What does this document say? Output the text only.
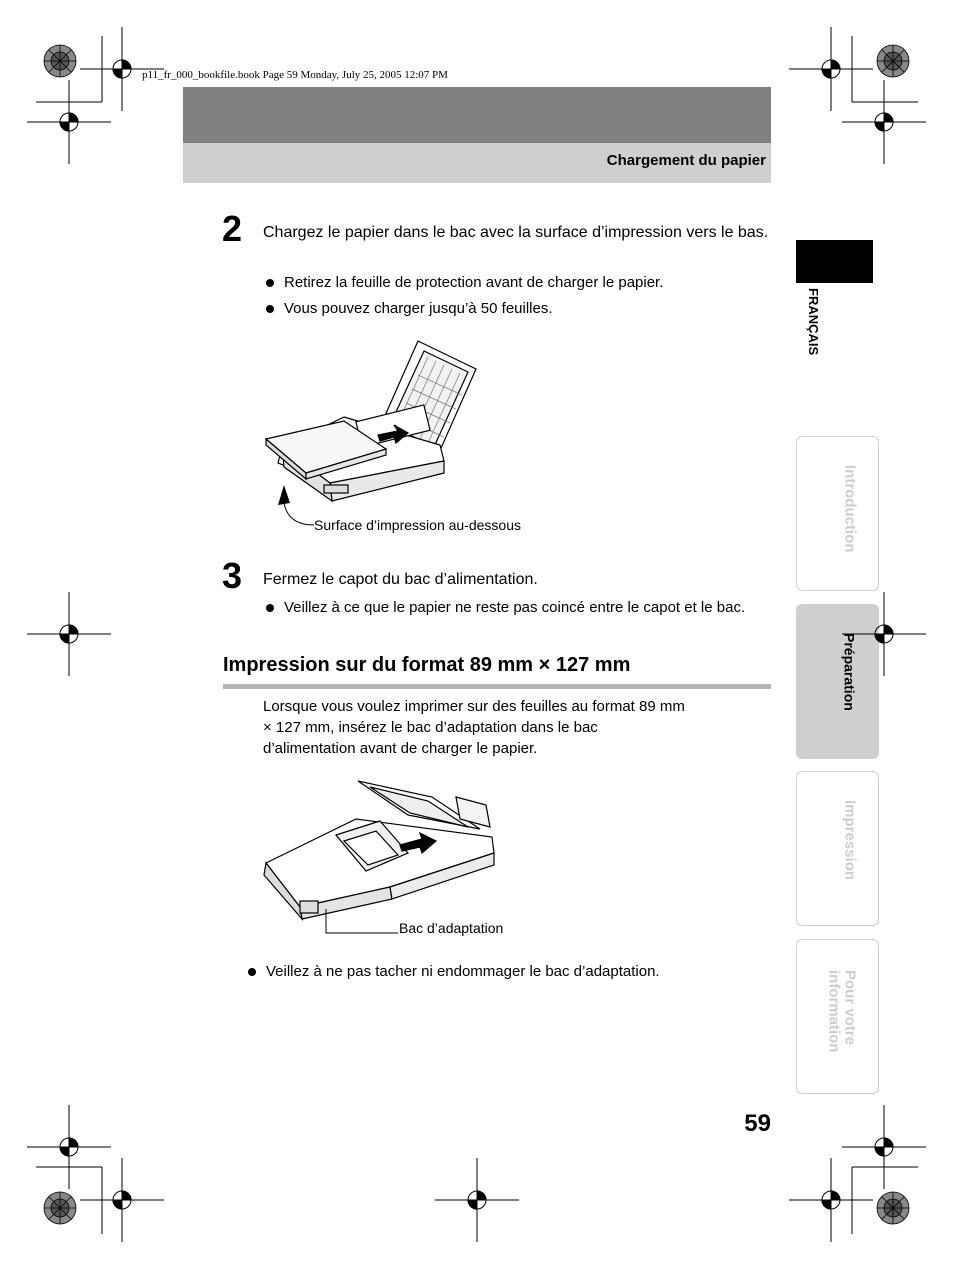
p11_fr_000_bookfile.book Page 59 Monday, July 25, 2005 12:07 PM
Chargement du papier
2 Chargez le papier dans le bac avec la surface d’impression vers le bas.
Retirez la feuille de protection avant de charger le papier.
Vous pouvez charger jusqu’à 50 feuilles.
Surface d’impression au-dessous
3 Fermez le capot du bac d’alimentation.
Veillez à ce que le papier ne reste pas coincé entre le capot et le bac.
Impression sur du format 89 mm × 127 mm
Lorsque vous voulez imprimer sur des feuilles au format 89 mm × 127 mm, insérez le bac d’adaptation dans le bac d’alimentation avant de charger le papier.
Bac d’adaptation
Veillez à ne pas tacher ni endommager le bac d’adaptation.
59
FRANÇAIS
Introduction
Préparation
Impression
Pour votre information
